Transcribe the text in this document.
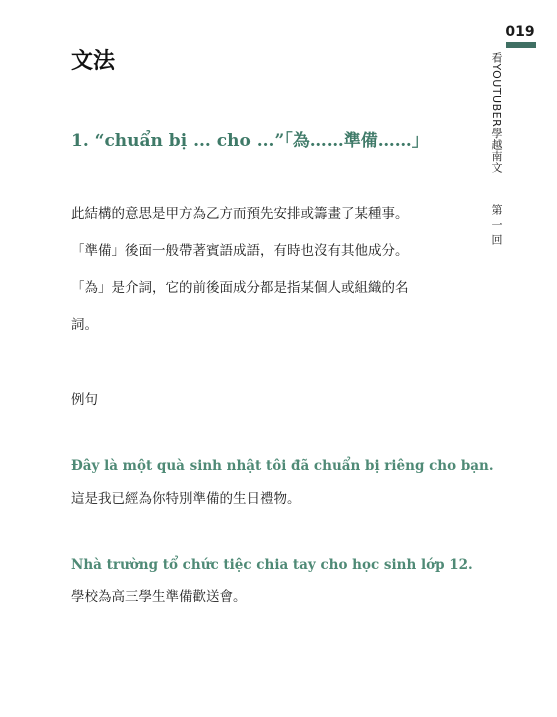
019
看YOUTUBER學越南文
第一回
文法
1. “chuẩn bị ... cho ...”「為……準備……」
此結構的意思是甲方為乙方而預先安排或籌畫了某種事。
「準備」後面一般帶著賓語成語，有時也沒有其他成分。
「為」是介詞，它的前後面成分都是指某個人或組織的名
詞。
例句
Đây là một quà sinh nhật tôi đã chuẩn bị riêng cho bạn.
這是我已經為你特別準備的生日禮物。
Nhà trường tổ chức tiệc chia tay cho học sinh lớp 12.
學校為高三學生準備歡送會。
